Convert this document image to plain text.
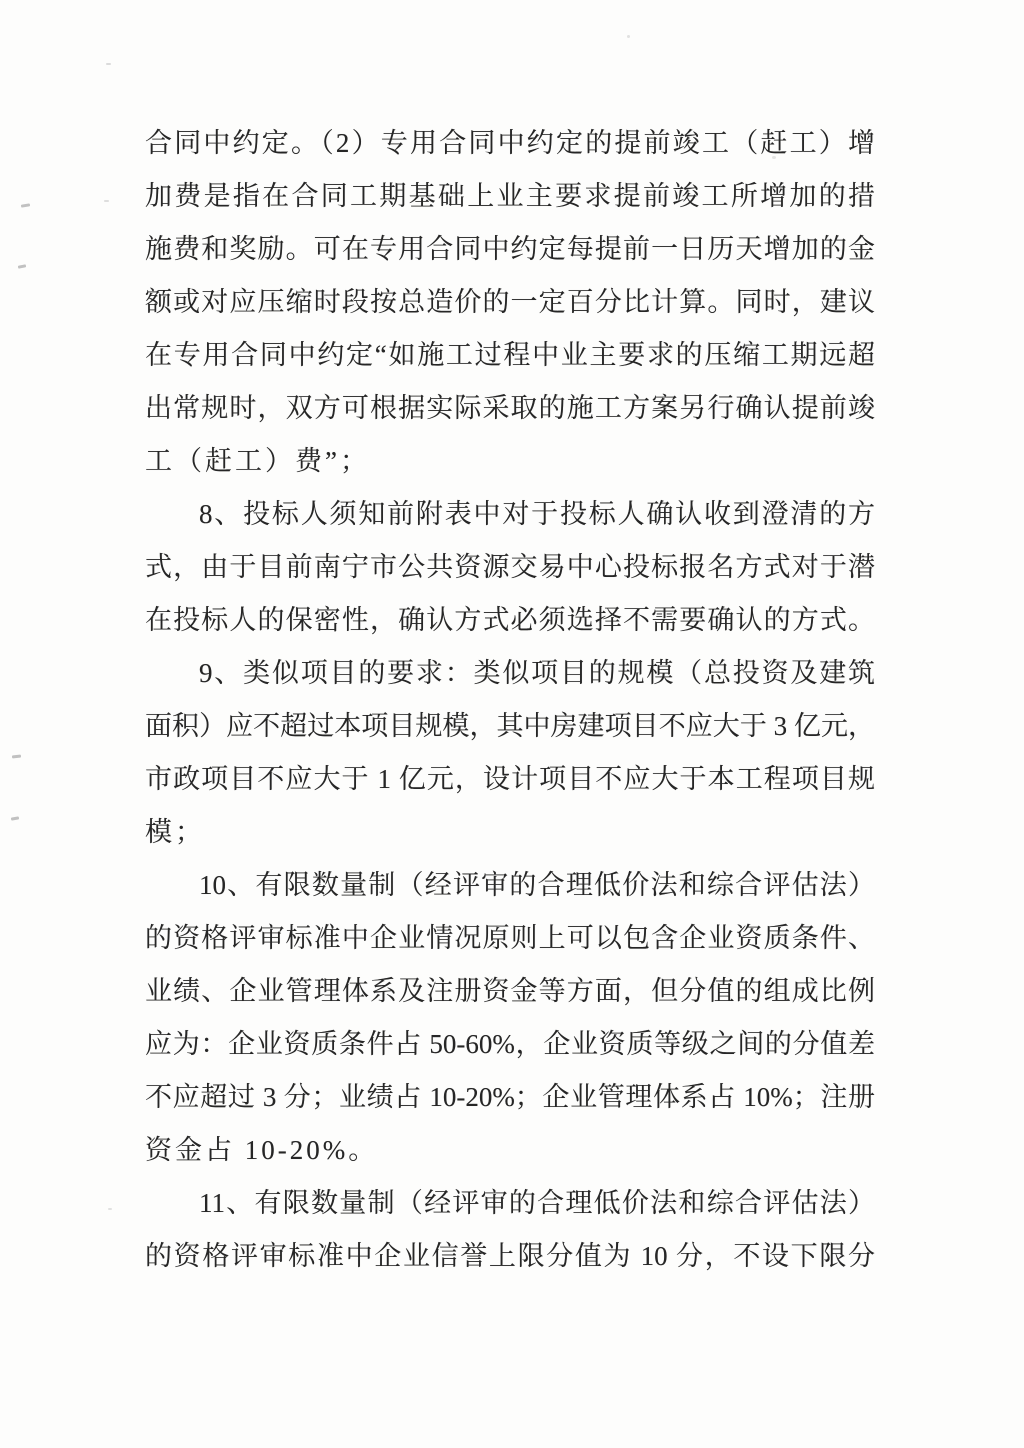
合同中约定。（2）专用合同中约定的提前竣工（赶工）增
加费是指在合同工期基础上业主要求提前竣工所增加的措
施费和奖励。可在专用合同中约定每提前一日历天增加的金
额或对应压缩时段按总造价的一定百分比计算。同时，建议
在专用合同中约定“如施工过程中业主要求的压缩工期远超
出常规时，双方可根据实际采取的施工方案另行确认提前竣
工（赶工）费”；
8、投标人须知前附表中对于投标人确认收到澄清的方
式，由于目前南宁市公共资源交易中心投标报名方式对于潜
在投标人的保密性，确认方式必须选择不需要确认的方式。
9、类似项目的要求：类似项目的规模（总投资及建筑
面积）应不超过本项目规模，其中房建项目不应大于 3 亿元，
市政项目不应大于 1 亿元，设计项目不应大于本工程项目规
模；
10、有限数量制（经评审的合理低价法和综合评估法）
的资格评审标准中企业情况原则上可以包含企业资质条件、
业绩、企业管理体系及注册资金等方面，但分值的组成比例
应为：企业资质条件占 50-60%，企业资质等级之间的分值差
不应超过 3 分；业绩占 10-20%；企业管理体系占 10%；注册
资金占 10-20%。
11、有限数量制（经评审的合理低价法和综合评估法）
的资格评审标准中企业信誉上限分值为 10 分，不设下限分
